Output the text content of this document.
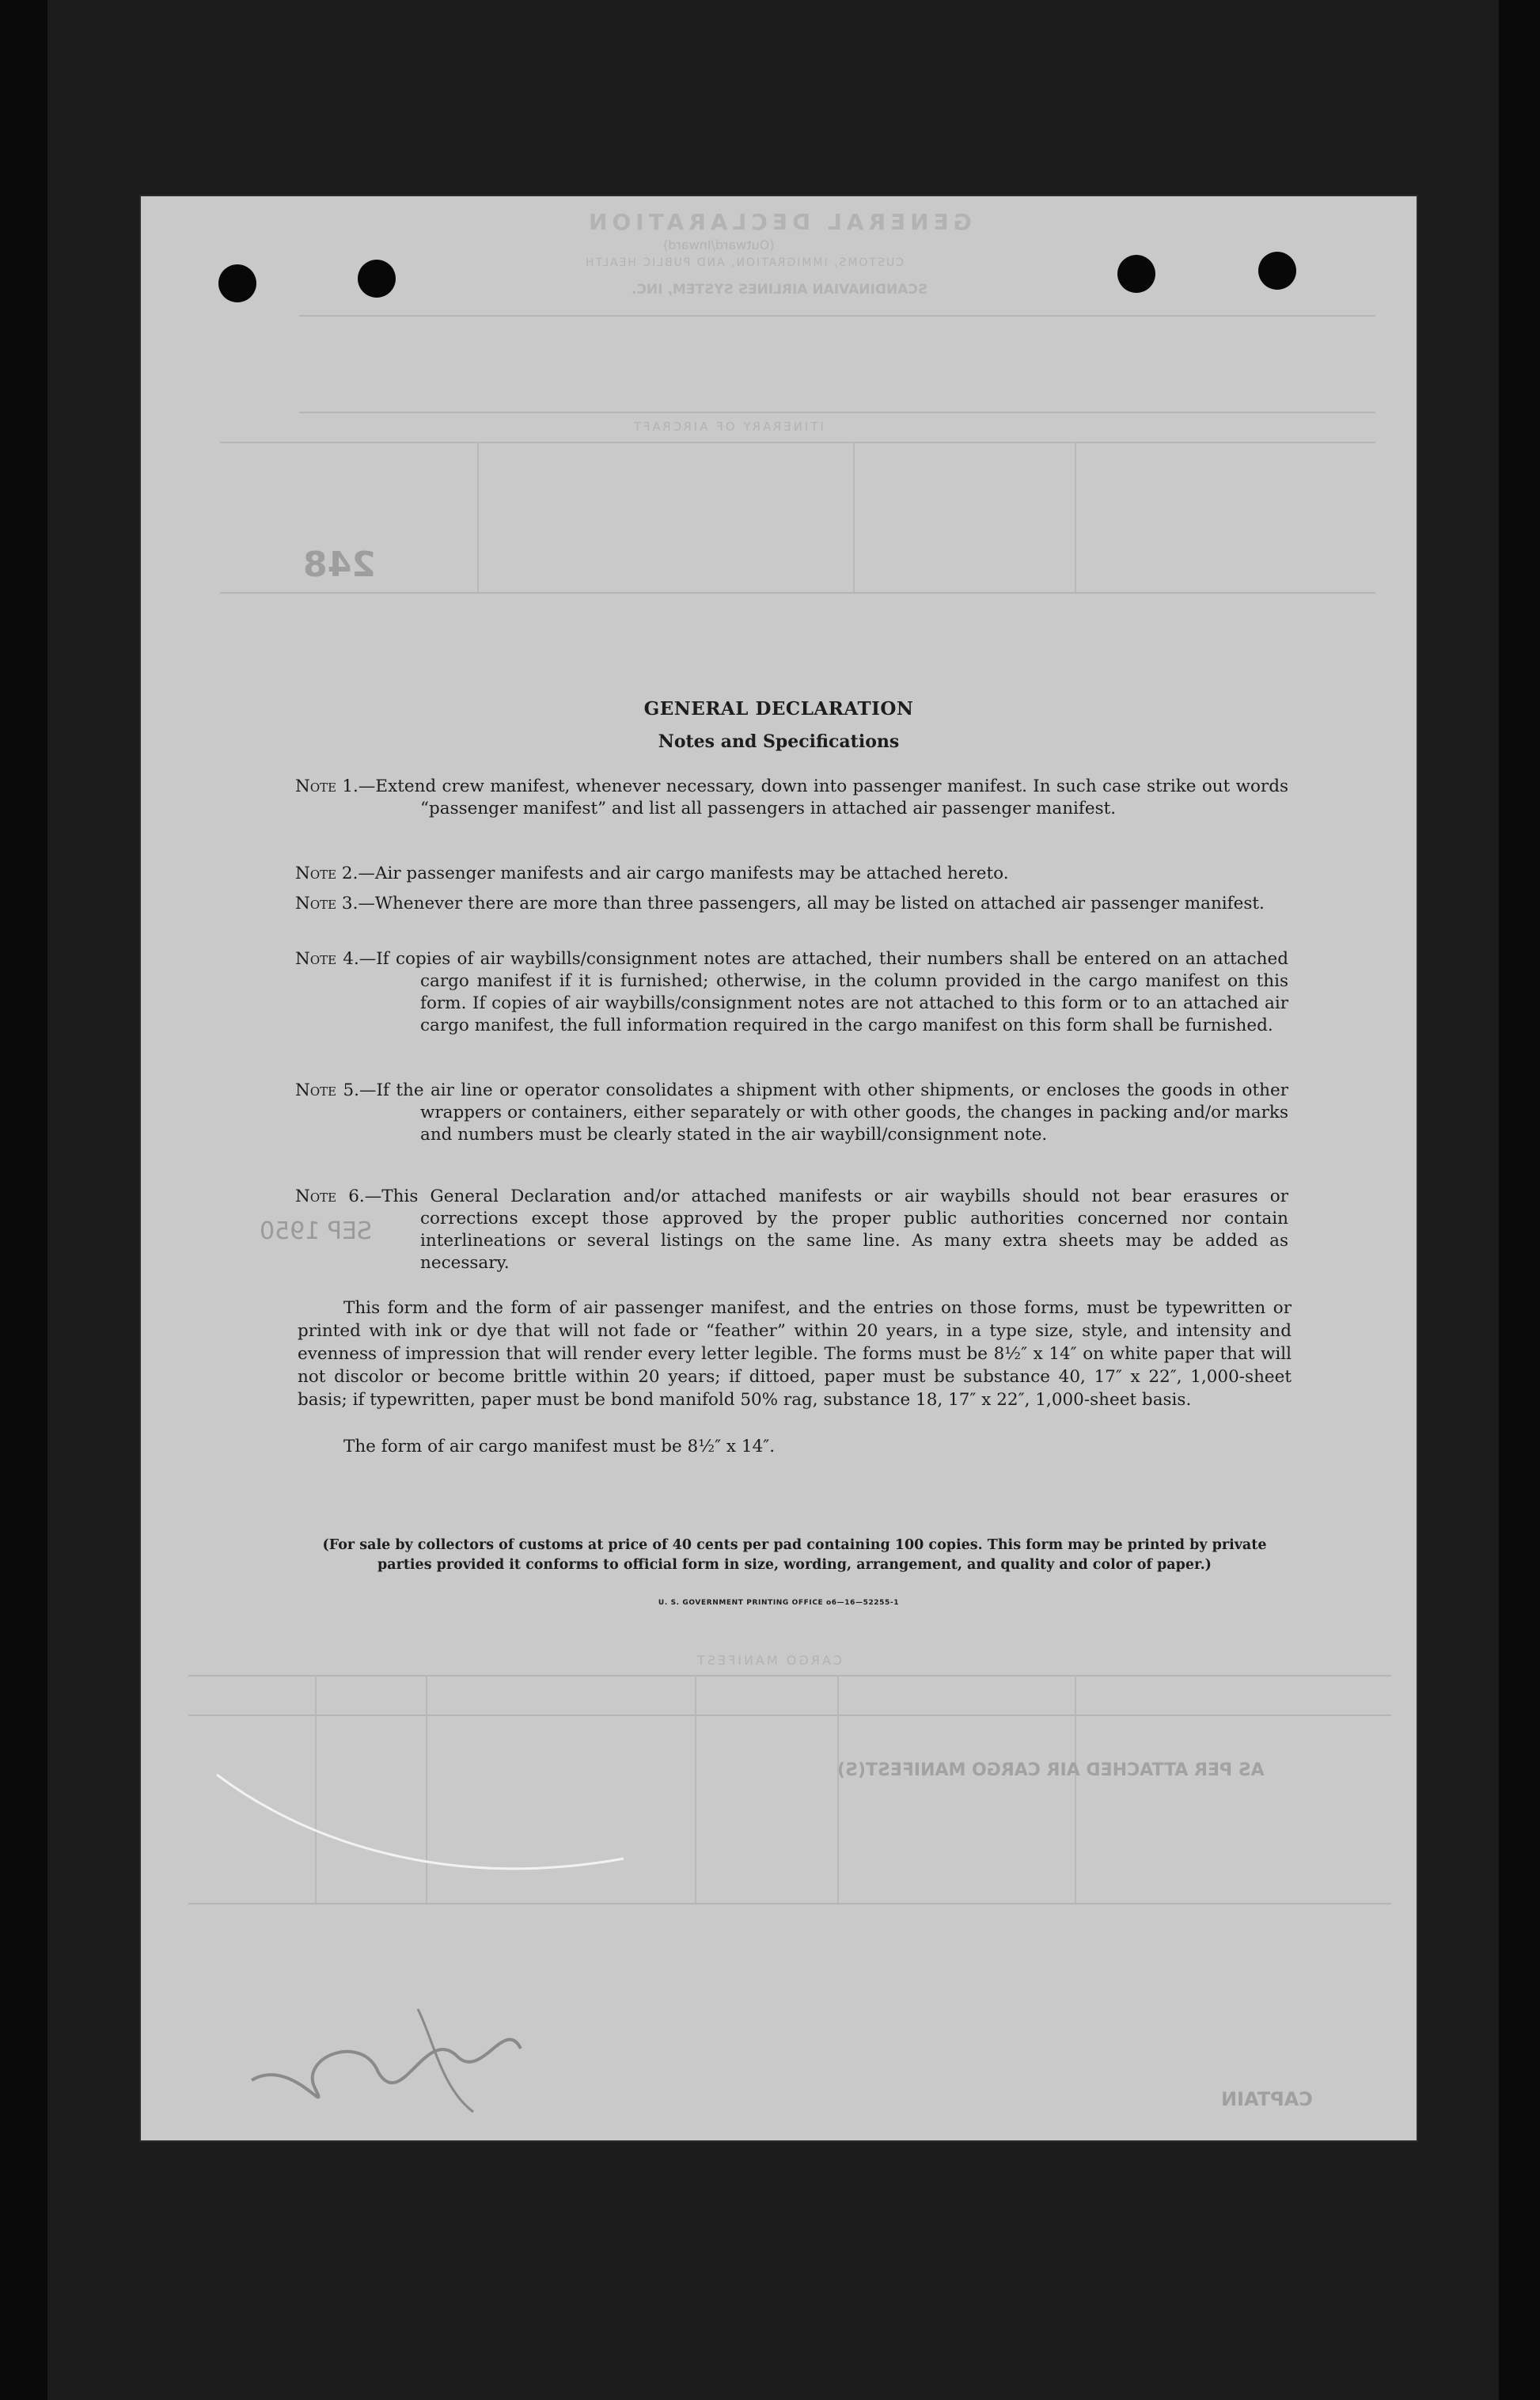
GENERAL DECLARATION
(Outward/Inward)
CUSTOMS, IMMIGRATION, AND PUBLIC HEALTH
SCANDINAVIAN AIRLINES SYSTEM, INC.
ITINERARY OF AIRCRAFT
248
SEP 1950
CARGO MANIFEST
AS PER ATTACHED AIR CARGO MANIFEST(S)
CAPTAIN
GENERAL DECLARATION
Notes and Specifications
Note 1.—Extend crew manifest, whenever necessary, down into passenger manifest. In such case strike out words “passenger manifest” and list all passengers in attached air passenger manifest.
Note 2.—Air passenger manifests and air cargo manifests may be attached hereto.
Note 3.—Whenever there are more than three passengers, all may be listed on attached air passenger manifest.
Note 4.—If copies of air waybills/consignment notes are attached, their numbers shall be entered on an attached cargo manifest if it is furnished; otherwise, in the column provided in the cargo manifest on this form. If copies of air waybills/consignment notes are not attached to this form or to an attached air cargo manifest, the full information required in the cargo manifest on this form shall be furnished.
Note 5.—If the air line or operator consolidates a shipment with other shipments, or encloses the goods in other wrappers or containers, either separately or with other goods, the changes in packing and/or marks and numbers must be clearly stated in the air waybill/consignment note.
Note 6.—This General Declaration and/or attached manifests or air waybills should not bear erasures or corrections except those approved by the proper public authorities concerned nor contain interlineations or several listings on the same line. As many extra sheets may be added as necessary.
This form and the form of air passenger manifest, and the entries on those forms, must be typewritten or printed with ink or dye that will not fade or “feather” within 20 years, in a type size, style, and intensity and evenness of impression that will render every letter legible. The forms must be 8½″ x 14″ on white paper that will not discolor or become brittle within 20 years; if dittoed, paper must be substance 40, 17″ x 22″, 1,000-sheet basis; if typewritten, paper must be bond manifold 50% rag, substance 18, 17″ x 22″, 1,000-sheet basis.
The form of air cargo manifest must be 8½″ x 14″.
(For sale by collectors of customs at price of 40 cents per pad containing 100 copies. This form may be printed by private parties provided it conforms to official form in size, wording, arrangement, and quality and color of paper.)
U. S. GOVERNMENT PRINTING OFFICE o6—16—52255-1
